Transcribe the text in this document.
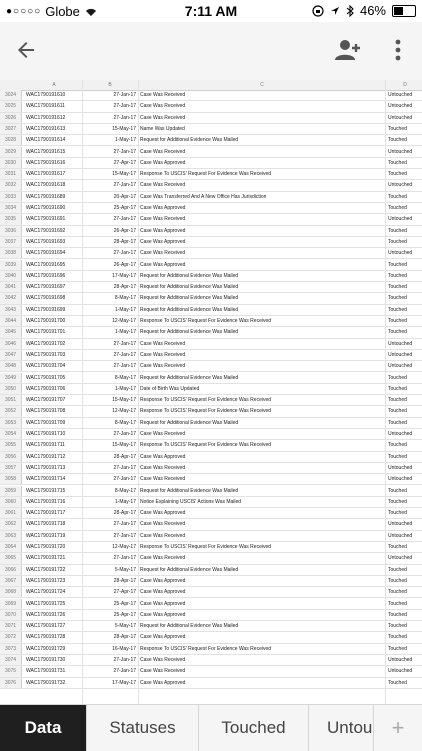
●○○○○ Globe	7:11 AM	46%
A	B	C	D
3024	WAC1790191610	27-Jan-17 Case Was Received	Untouched
3025	WAC1790191611	27-Jan-17 Case Was Received	Untouched
3026	WAC1790191612	27-Jan-17 Case Was Received	Untouched
3027	WAC1790191613	15-May-17 Name Was Updated	Touched
3028	WAC1790191614	1-May-17 Request for Additional Evidence Was Mailed	Touched
3029	WAC1790191615	27-Jan-17 Case Was Received	Untouched
3030	WAC1790191616	27-Apr-17 Case Was Approved	Touched
3031	WAC1790191617	15-May-17 Response To USCIS' Request For Evidence Was Received	Touched
3032	WAC1790191618	27-Jan-17 Case Was Received	Untouched
3033	WAC1790191689	20-Apr-17 Case Was Transferred And A New Office Has Jurisdiction	Touched
3034	WAC1790191690	25-Apr-17 Case Was Approved	Touched
3035	WAC1790191691	27-Jan-17 Case Was Received	Untouched
3036	WAC1790191692	26-Apr-17 Case Was Approved	Touched
3037	WAC1790191693	28-Apr-17 Case Was Approved	Touched
3038	WAC1790191694	27-Jan-17 Case Was Received	Untouched
3039	WAC1790191695	26-Apr-17 Case Was Approved	Touched
3040	WAC1790191696	17-May-17 Request for Additional Evidence Was Mailed	Touched
3041	WAC1790191697	28-Apr-17 Request for Additional Evidence Was Mailed	Touched
3042	WAC1790191698	8-May-17 Request for Additional Evidence Was Mailed	Touched
3043	WAC1790191699	1-May-17 Request for Additional Evidence Was Mailed	Touched
3044	WAC1790191700	12-May-17 Response To USCIS' Request For Evidence Was Received	Touched
3045	WAC1790191701	1-May-17 Request for Additional Evidence Was Mailed	Touched
3046	WAC1790191702	27-Jan-17 Case Was Received	Untouched
3047	WAC1790191703	27-Jan-17 Case Was Received	Untouched
3048	WAC1790191704	27-Jan-17 Case Was Received	Untouched
3049	WAC1790191705	8-May-17 Request for Additional Evidence Was Mailed	Touched
3050	WAC1790191706	1-May-17 Date of Birth Was Updated	Touched
3051	WAC1790191707	15-May-17 Response To USCIS' Request For Evidence Was Received	Touched
3052	WAC1790191708	12-May-17 Response To USCIS' Request For Evidence Was Received	Touched
3053	WAC1790191709	8-May-17 Request for Additional Evidence Was Mailed	Touched
3054	WAC1790191710	27-Jan-17 Case Was Received	Untouched
3055	WAC1790191711	15-May-17 Response To USCIS' Request For Evidence Was Received	Touched
3056	WAC1790191712	28-Apr-17 Case Was Approved	Touched
3057	WAC1790191713	27-Jan-17 Case Was Received	Untouched
3058	WAC1790191714	27-Jan-17 Case Was Received	Untouched
3059	WAC1790191715	8-May-17 Request for Additional Evidence Was Mailed	Touched
3060	WAC1790191716	1-May-17 Notice Explaining USCIS' Actions Was Mailed	Touched
3061	WAC1790191717	28-Apr-17 Case Was Approved	Touched
3062	WAC1790191718	27-Jan-17 Case Was Received	Untouched
3063	WAC1790191719	27-Jan-17 Case Was Received	Untouched
3064	WAC1790191720	12-May-17 Response To USCIS' Request For Evidence Was Received	Touched
3065	WAC1790191721	27-Jan-17 Case Was Received	Untouched
3066	WAC1790191722	5-May-17 Request for Additional Evidence Was Mailed	Touched
3067	WAC1790191723	28-Apr-17 Case Was Approved	Touched
3068	WAC1790191724	27-Apr-17 Case Was Approved	Touched
3069	WAC1790191725	25-Apr-17 Case Was Approved	Touched
3070	WAC1790191726	25-Apr-17 Case Was Approved	Touched
3071	WAC1790191727	5-May-17 Request for Additional Evidence Was Mailed	Touched
3072	WAC1790191728	28-Apr-17 Case Was Approved	Touched
3073	WAC1790191729	16-May-17 Response To USCIS' Request For Evidence Was Received	Touched
3074	WAC1790191730	27-Jan-17 Case Was Received	Untouched
3075	WAC1790191731	27-Jan-17 Case Was Received	Untouched
3076	WAC1790191732	17-May-17 Case Was Approved	Touched
Data	Statuses	Touched	Untou +
